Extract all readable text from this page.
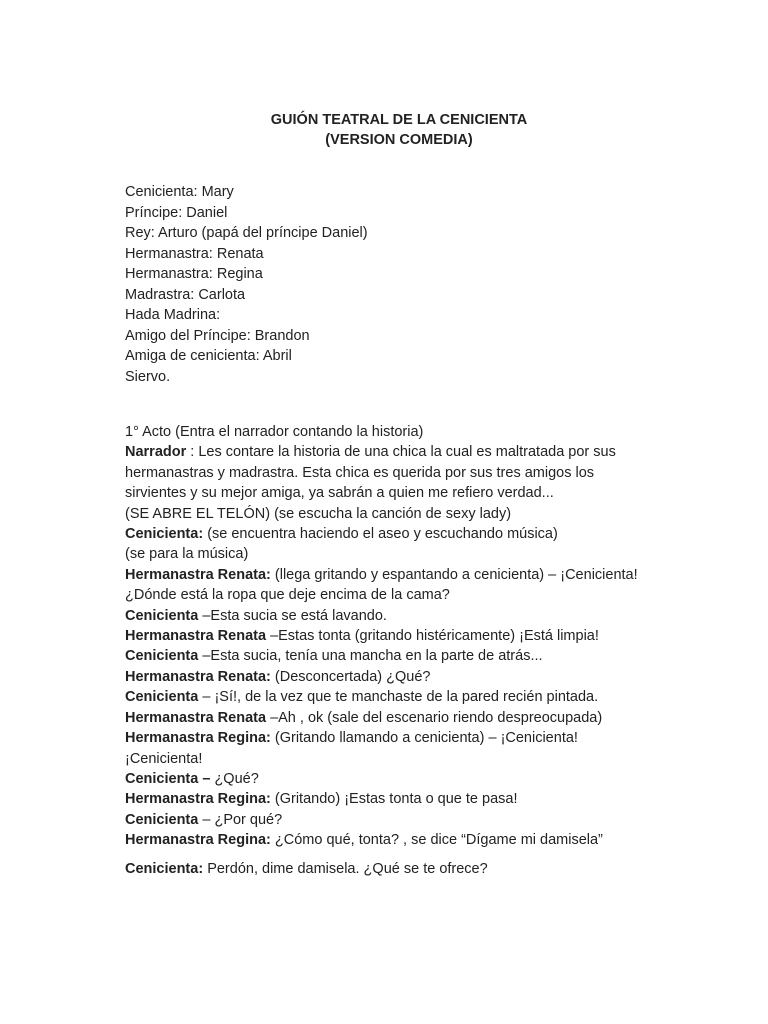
GUIÓN TEATRAL DE LA CENICIENTA
(VERSION COMEDIA)
Cenicienta: Mary
Príncipe: Daniel
Rey: Arturo (papá del príncipe Daniel)
Hermanastra: Renata
Hermanastra: Regina
Madrastra: Carlota
Hada Madrina:
Amigo del Príncipe: Brandon
Amiga de cenicienta: Abril
Siervo.
1° Acto (Entra el narrador contando la historia)
Narrador : Les contare la historia de una chica la cual es maltratada por sus
hermanastras y madrastra. Esta chica es querida por sus tres amigos los
sirvientes y su mejor amiga, ya sabrán a quien me refiero verdad...
(SE ABRE EL TELÓN) (se escucha la canción de sexy lady)
Cenicienta: (se encuentra haciendo el aseo y escuchando música)
(se para la música)
Hermanastra Renata: (llega gritando y espantando a cenicienta) – ¡Cenicienta!
¿Dónde está la ropa que deje encima de la cama?
Cenicienta –Esta sucia se está lavando.
Hermanastra Renata –Estas tonta (gritando histéricamente) ¡Está limpia!
Cenicienta –Esta sucia, tenía una mancha en la parte de atrás...
Hermanastra Renata: (Desconcertada) ¿Qué?
Cenicienta – ¡Sí!, de la vez que te manchaste de la pared recién pintada.
Hermanastra Renata –Ah , ok (sale del escenario riendo despreocupada)
Hermanastra Regina: (Gritando llamando a cenicienta) – ¡Cenicienta!
¡Cenicienta!
Cenicienta – ¿Qué?
Hermanastra Regina: (Gritando) ¡Estas tonta o que te pasa!
Cenicienta – ¿Por qué?
Hermanastra Regina: ¿Cómo qué, tonta? , se dice “Dígame mi damisela”
Cenicienta: Perdón, dime damisela. ¿Qué se te ofrece?
